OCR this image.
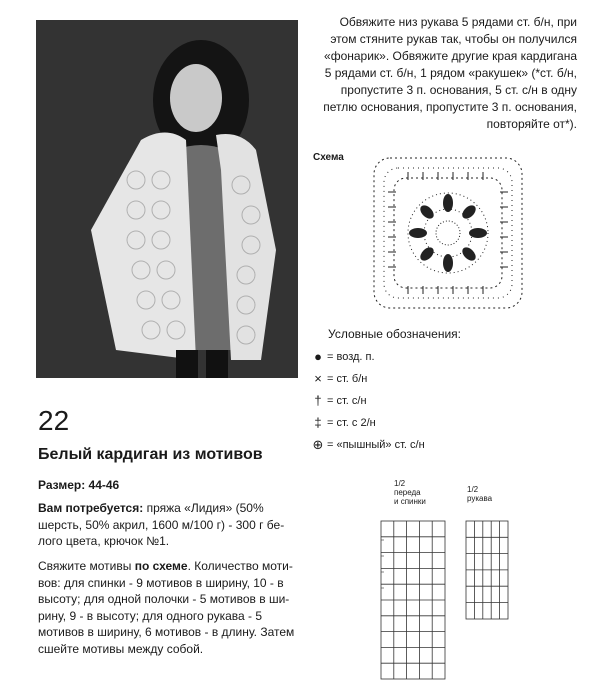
Обвяжите низ рукава 5 рядами ст. б/н, при
этом стяните рукав так, чтобы он получился
«фонарик». Обвяжите другие края кардигана
5 рядами ст. б/н, 1 рядом «ракушек» (*ст. б/н,
пропустите 3 п. основания, 5 ст. с/н в одну
петлю основания, пропустите 3 п. основания,
повторяйте от*).
Схема
Условные обозначения:
● = возд. п.
× = ст. б/н
† = ст. с/н
‡ = ст. с 2/н
⊕ = «пышный» ст. с/н
22
Белый кардиган из мотивов
Размер: 44-46
Вам потребуется: пряжа «Лидия» (50%
шерсть, 50% акрил, 1600 м/100 г) - 300 г бе-
лого цвета, крючок №1.
Свяжите мотивы по схеме. Количество моти-
вов: для спинки - 9 мотивов в ширину, 10 - в
высоту; для одной полочки - 5 мотивов в ши-
рину, 9 - в высоту; для одного рукава - 5
мотивов в ширину, 6 мотивов - в длину. Затем
сшейте мотивы между собой.
1/2
переда
и спинки
1/2
рукава
